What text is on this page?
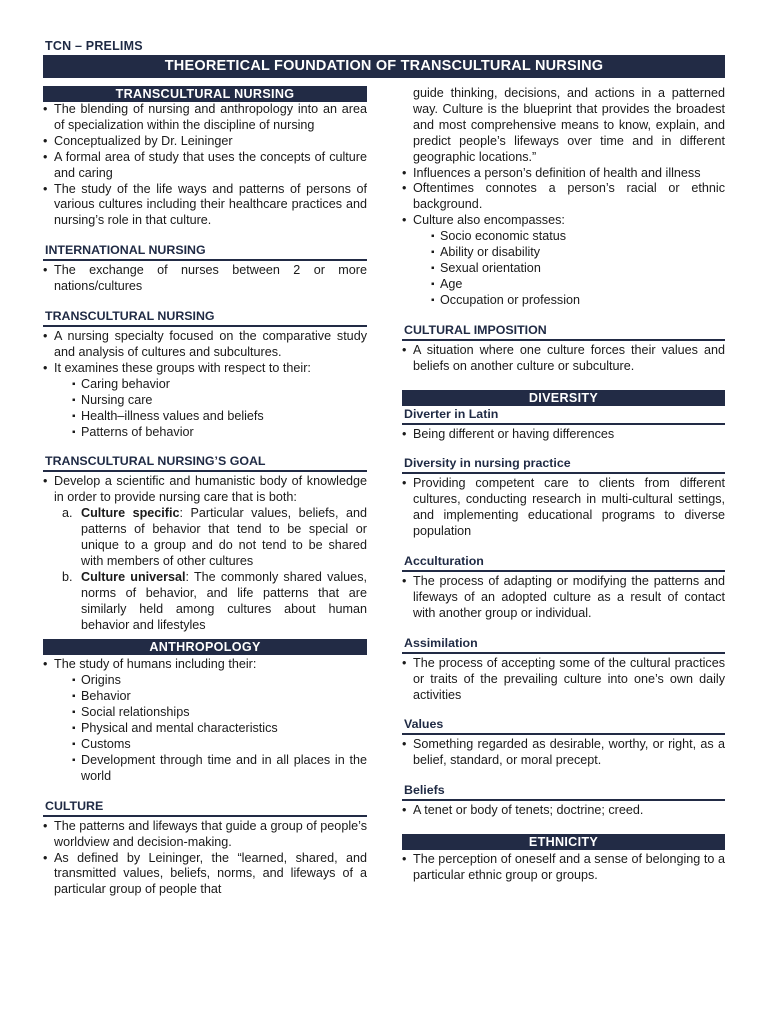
TCN – PRELIMS
THEORETICAL FOUNDATION OF TRANSCULTURAL NURSING
TRANSCULTURAL NURSING
• The blending of nursing and anthropology into an area of specialization within the discipline of nursing
• Conceptualized by Dr. Leininger
• A formal area of study that uses the concepts of culture and caring
• The study of the life ways and patterns of persons of various cultures including their healthcare practices and nursing’s role in that culture.
INTERNATIONAL NURSING
• The exchange of nurses between 2 or more nations/cultures
TRANSCULTURAL NURSING
• A nursing specialty focused on the comparative study and analysis of cultures and subcultures.
• It examines these groups with respect to their:
▪ Caring behavior
▪ Nursing care
▪ Health–illness values and beliefs
▪ Patterns of behavior
TRANSCULTURAL NURSING’S GOAL
• Develop a scientific and humanistic body of knowledge in order to provide nursing care that is both:
a. Culture specific: Particular values, beliefs, and patterns of behavior that tend to be special or unique to a group and do not tend to be shared with members of other cultures
b. Culture universal: The commonly shared values, norms of behavior, and life patterns that are similarly held among cultures about human behavior and lifestyles
ANTHROPOLOGY
• The study of humans including their:
▪ Origins
▪ Behavior
▪ Social relationships
▪ Physical and mental characteristics
▪ Customs
▪ Development through time and in all places in the world
CULTURE
• The patterns and lifeways that guide a group of people’s worldview and decision-making.
• As defined by Leininger, the “learned, shared, and transmitted values, beliefs, norms, and lifeways of a particular group of people that
guide thinking, decisions, and actions in a patterned way. Culture is the blueprint that provides the broadest and most comprehensive means to know, explain, and predict people’s lifeways over time and in different geographic locations.”
• Influences a person’s definition of health and illness
• Oftentimes connotes a person’s racial or ethnic background.
• Culture also encompasses:
▪ Socio economic status
▪ Ability or disability
▪ Sexual orientation
▪ Age
▪ Occupation or profession
CULTURAL IMPOSITION
• A situation where one culture forces their values and beliefs on another culture or subculture.
DIVERSITY
Diverter in Latin
• Being different or having differences
Diversity in nursing practice
• Providing competent care to clients from different cultures, conducting research in multi-cultural settings, and implementing educational programs to diverse population
Acculturation
• The process of adapting or modifying the patterns and lifeways of an adopted culture as a result of contact with another group or individual.
Assimilation
• The process of accepting some of the cultural practices or traits of the prevailing culture into one’s own daily activities
Values
• Something regarded as desirable, worthy, or right, as a belief, standard, or moral precept.
Beliefs
• A tenet or body of tenets; doctrine; creed.
ETHNICITY
• The perception of oneself and a sense of belonging to a particular ethnic group or groups.
